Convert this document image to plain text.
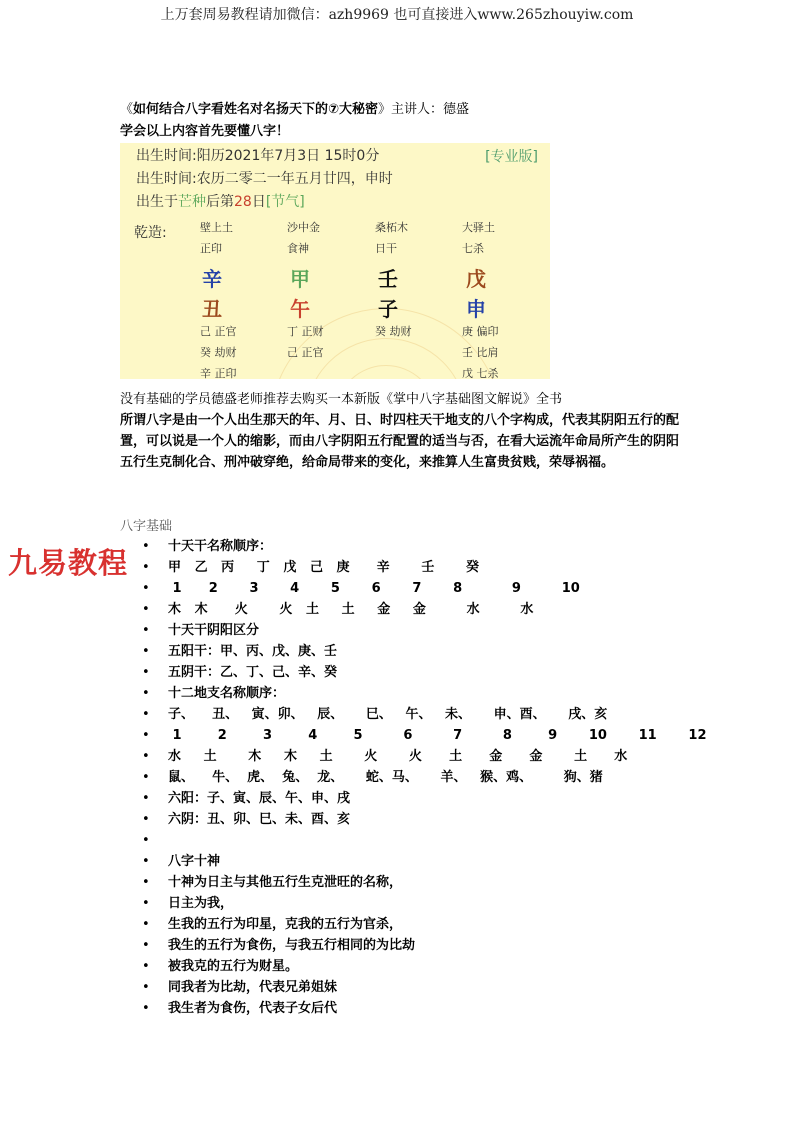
上万套周易教程请加微信：azh9969 也可直接进入www.265zhouyiw.com
《如何结合八字看姓名对名扬天下的⑦大秘密》主讲人：德盛
学会以上内容首先要懂八字！
出生时间:阳历2021年7月3日 15时0分	[专业版]
出生时间:农历二零二一年五月廿四，申时
出生于芒种后第28日[节气]
乾造:	壁上土
正印
辛
丑
己 正官
癸 劫财
辛 正印
沙中金
食神
甲
午
丁 正财
己 正官
桑柘木
日干
壬
子
癸 劫财
大驿土
七杀
戊
申
庚 偏印
壬 比肩
戊 七杀
没有基础的学员德盛老师推荐去购买一本新版《掌中八字基础图文解说》全书
所谓八字是由一个人出生那天的年、月、日、时四柱天干地支的八个字构成，代表其阴阳五行的配置，可以说是一个人的缩影，而由八字阴阳五行配置的适当与否，在看大运流年命局所产生的阴阳五行生克制化合、刑冲破穿绝，给命局带来的变化，来推算人生富贵贫贱，荣辱祸福。
八字基础
九易教程 • 十天干名称顺序：
• 甲   乙   丙     丁   戊   己   庚      辛       壬       癸
• 1      2       3       4       5       6       7       8           9         10
• 木   木      火       火   土     土     金     金         水         水
• 十天干阴阳区分
• 五阳干：甲、丙、戊、庚、壬
• 五阴干：乙、丁、己、辛、癸
• 十二地支名称顺序：
• 子、    丑、   寅、卯、   辰、     巳、   午、   未、     申、酉、     戌、亥
• 1        2        3        4        5         6         7         8        9       10       11       12
• 水     土       木     木     土       火       火      土      金      金       土      水
• 鼠、    牛、  虎、  兔、  龙、     蛇、马、     羊、   猴、鸡、       狗、猪
• 六阳：子、寅、辰、午、申、戌
• 六阴：丑、卯、巳、未、酉、亥
•
• 八字十神
• 十神为日主与其他五行生克泄旺的名称，
• 日主为我，
• 生我的五行为印星，克我的五行为官杀，
• 我生的五行为食伤，与我五行相同的为比劫
• 被我克的五行为财星。
• 同我者为比劫，代表兄弟姐妹
• 我生者为食伤，代表子女后代
